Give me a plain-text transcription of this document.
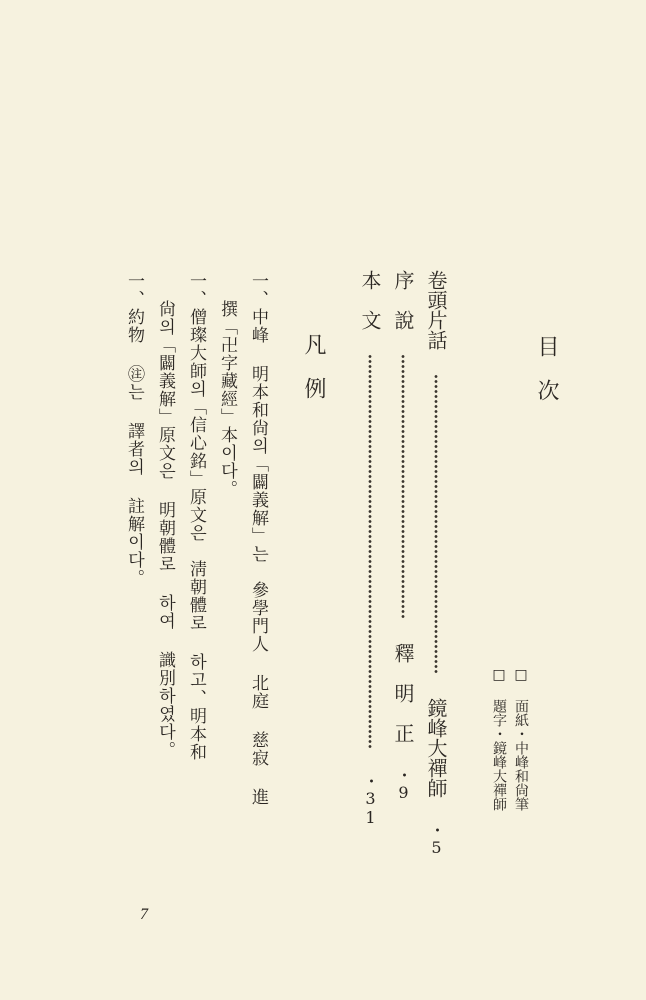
□ 面紙・中峰和尙筆
□ 題字・鏡峰大禪師
目　次
卷頭片話
鏡峰大禪師 ・5
序　說
釋　明　正 ・9
本　文
・31
凡　例
一、中峰 明本和尙의「闢義解」는　參學門人 北庭 慈寂 進
撰「卍字藏經」本이다。
一、僧璨大師의「信心銘」原文은　淸朝體로 하고、明本和
尙의「闢義解」原文은 明朝體로 하여 識別하였다。
一、約物 ㊟는 譯者의 註解이다。
7
